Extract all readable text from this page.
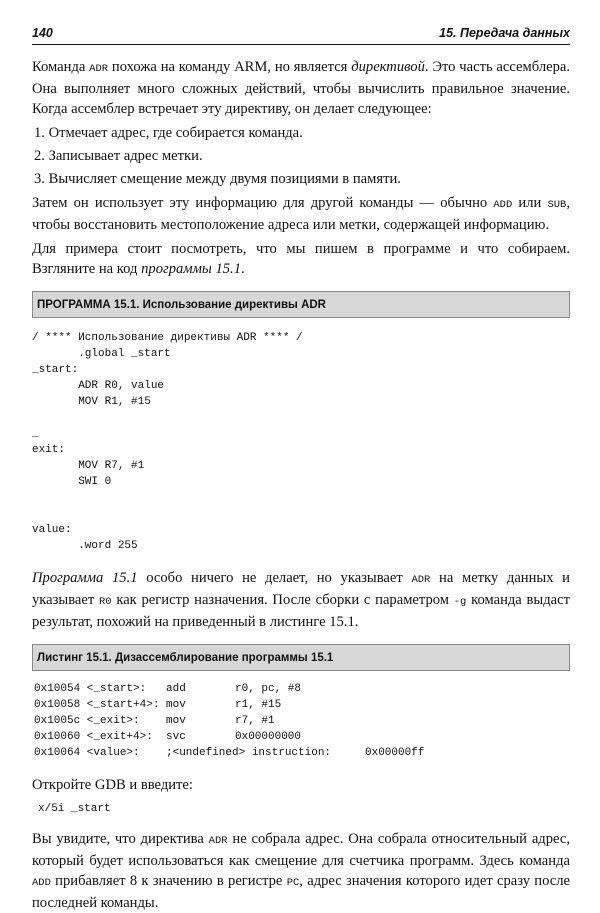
140	15. Передача данных

Команда ADR похожа на команду ARM, но является директивой. Это часть ассемблера. Она выполняет много сложных действий, чтобы вычислить правильное значение. Когда ассемблер встречает эту директиву, он делает следующее:

1. Отмечает адрес, где собирается команда.

2. Записывает адрес метки.

3. Вычисляет смещение между двумя позициями в памяти.

Затем он использует эту информацию для другой команды — обычно ADD или SUB, чтобы восстановить местоположение адреса или метки, содержащей информацию.

Для примера стоит посмотреть, что мы пишем в программе и что собираем. Взгляните на код программы 15.1.

ПРОГРАММА 15.1. Использование директивы ADR
/ **** Использование директивы ADR **** /
.global _start
_start:
ADR R0, value
MOV R1, #15

_
exit:
MOV R7, #1
SWI 0

value:
.word 255

Программа 15.1 особо ничего не делает, но указывает ADR на метку данных и указывает R0 как регистр назначения. После сборки с параметром -g команда выдаст результат, похожий на приведенный в листинге 15.1.

Листинг 15.1. Дизассемблирование программы 15.1
0x10054 <_start>:	add	r0, pc, #8
0x10058 <_start+4>: mov	r1, #15
0x1005c <_exit>:	mov	r7, #1
0x10060 <_exit+4>:	svc	0x00000000
0x10064 <value>:	;<undefined> instruction:	0x00000ff

Откройте GDB и введите:

x/5i _start

Вы увидите, что директива ADR не собрала адрес. Она собрала относительный адрес, который будет использоваться как смещение для счетчика программ. Здесь команда ADD прибавляет 8 к значению в регистре PC, адрес значения которого идет сразу после последней команды.
